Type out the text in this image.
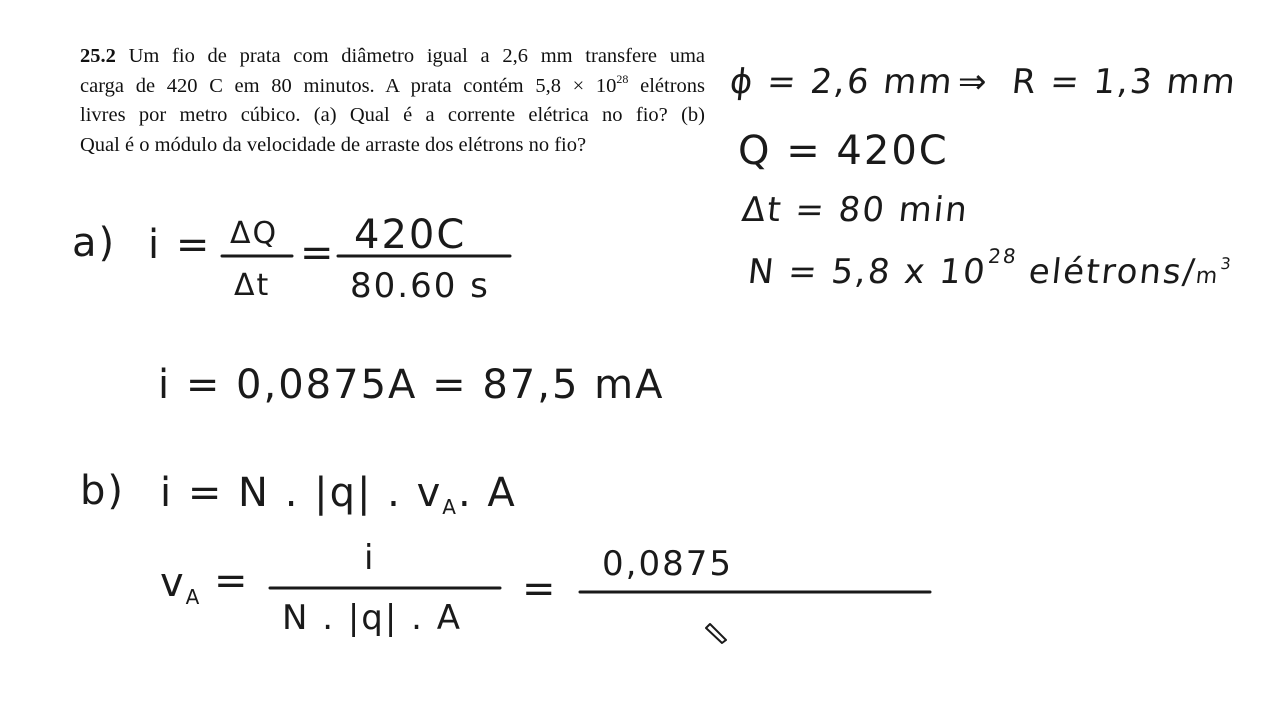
25.2 Um fio de prata com diâmetro igual a 2,6 mm transfere uma
carga de 420 C em 80 minutos. A prata contém $5,8 \times 10^{28}$ elétrons
livres por metro cúbico. (a) Qual é a corrente elétrica no fio? (b)
Qual é o módulo da velocidade de arraste dos elétrons no fio?
ϕ = 2,6 mm ⇒ R = 1,3 mm
Q = 420C
Δt = 80 min
N = 5,8 x $10^{28}$ elétrons/$m^3$
a) i = ΔQ
Δt
= 420C
80.60 s
i = 0,0875A = 87,5 mA
b) i = N . |q| . $v_A$. A
$v_A$ =	i
N . |q| . A
=
0,0875
